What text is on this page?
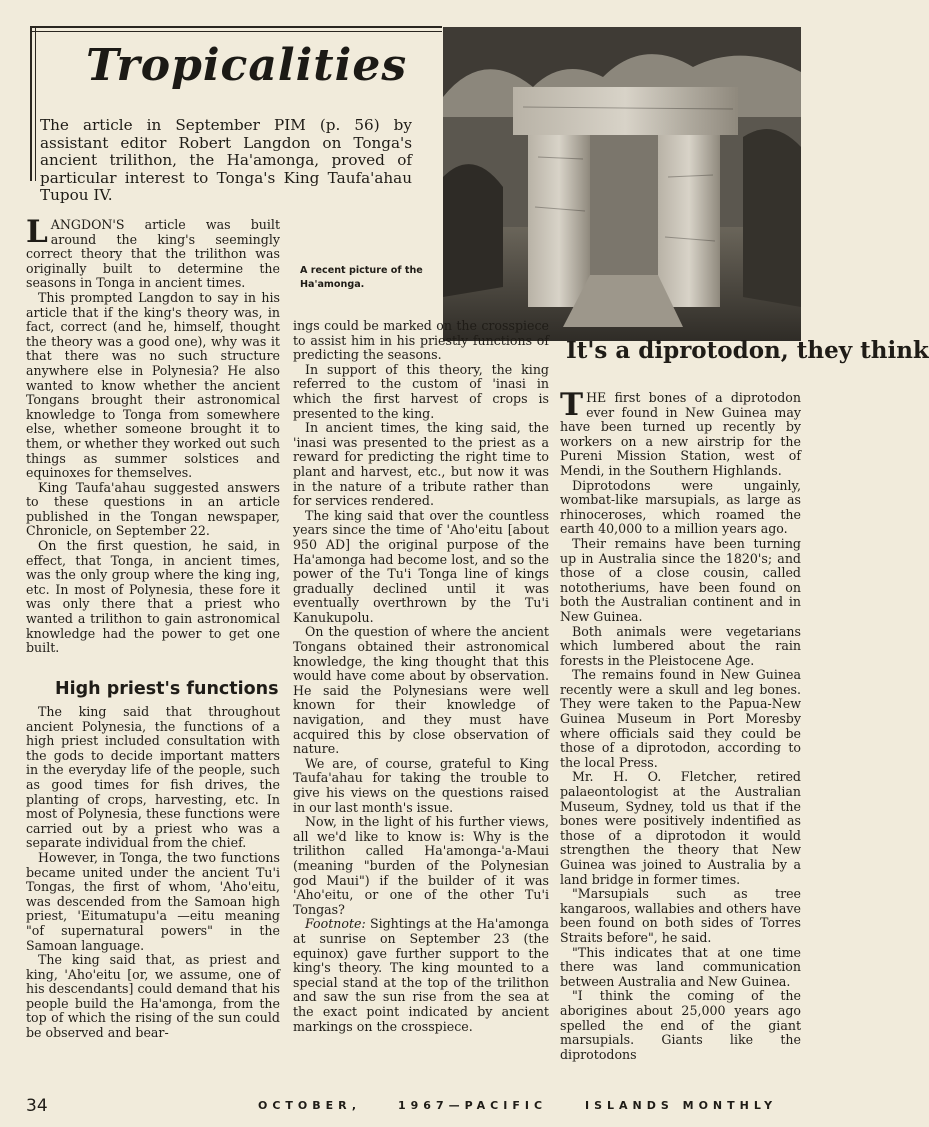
Tropicalities
The article in September PIM (p. 56) by assistant editor Robert Langdon on Tonga's ancient trilithon, the Ha'amonga, proved of particular interest to Tonga's King Taufa'ahau Tupou IV.
A recent picture of the Ha'amonga.

LANGDON'S article was built around the king's seemingly correct theory that the trilithon was originally built to determine the seasons in Tonga in ancient times.

This prompted Langdon to say in his article that if the king's theory was, in fact, correct (and he, himself, thought the theory was a good one), why was it that there was no such structure anywhere else in Polynesia? He also wanted to know whether the ancient Tongans brought their astronomical knowledge to Tonga from somewhere else, whether someone brought it to them, or whether they worked out such things as summer solstices and equinoxes for themselves.

King Taufa'ahau suggested answers to these questions in an article published in the Tongan newspaper, Chronicle, on September 22.

On the first question, he said, in effect, that Tonga, in ancient times, was the only group where the king ing, etc. In most of Polynesia, these fore it was only there that a priest who wanted a trilithon to gain astronomical knowledge had the power to get one built.

High priest's functions

The king said that throughout ancient Polynesia, the functions of a high priest included consultation with the gods to decide important matters in the everyday life of the people, such as good times for fish drives, the planting of crops, harvesting, etc. In most of Polynesia, these functions were carried out by a priest who was a separate individual from the chief.

However, in Tonga, the two functions became united under the ancient Tu'i Tongas, the first of whom, 'Aho'eitu, was descended from the Samoan high priest, 'Eitumatupu'a —eitu meaning "of supernatural powers" in the Samoan language.

The king said that, as priest and king, 'Aho'eitu [or, we assume, one of his descendants] could demand that his people build the Ha'amonga, from the top of which the rising of the sun could be observed and bear-

ings could be marked on the crosspiece to assist him in his priestly functions of predicting the seasons.

In support of this theory, the king referred to the custom of 'inasi in which the first harvest of crops is presented to the king.

In ancient times, the king said, the 'inasi was presented to the priest as a reward for predicting the right time to plant and harvest, etc., but now it was in the nature of a tribute rather than for services rendered.

The king said that over the countless years since the time of 'Aho'eitu [about 950 AD] the original purpose of the Ha'amonga had become lost, and so the power of the Tu'i Tonga line of kings gradually declined until it was eventually overthrown by the Tu'i Kanukupolu.

On the question of where the ancient Tongans obtained their astronomical knowledge, the king thought that this would have come about by observation. He said the Polynesians were well known for their knowledge of navigation, and they must have acquired this by close observation of nature.

We are, of course, grateful to King Taufa'ahau for taking the trouble to give his views on the questions raised in our last month's issue.

Now, in the light of his further views, all we'd like to know is: Why is the trilithon called Ha'amonga-'a-Maui (meaning "burden of the Polynesian god Maui") if the builder of it was 'Aho'eitu, or one of the other Tu'i Tongas?

Footnote: Sightings at the Ha'amonga at sunrise on September 23 (the equinox) gave further support to the king's theory. The king mounted to a special stand at the top of the trilithon and saw the sun rise from the sea at the exact point indicated by ancient markings on the crosspiece.

It's a diprotodon, they think

THE first bones of a diprotodon ever found in New Guinea may have been turned up recently by workers on a new airstrip for the Pureni Mission Station, west of Mendi, in the Southern Highlands.

Diprotodons were ungainly, wombat-like marsupials, as large as rhinoceroses, which roamed the earth 40,000 to a million years ago.

Their remains have been turning up in Australia since the 1820's; and those of a close cousin, called nototheriums, have been found on both the Australian continent and in New Guinea.

Both animals were vegetarians which lumbered about the rain forests in the Pleistocene Age.

The remains found in New Guinea recently were a skull and leg bones. They were taken to the Papua-New Guinea Museum in Port Moresby where officials said they could be those of a diprotodon, according to the local Press.

Mr. H. O. Fletcher, retired palaeontologist at the Australian Museum, Sydney, told us that if the bones were positively indentified as those of a diprotodon it would strengthen the theory that New Guinea was joined to Australia by a land bridge in former times.

"Marsupials such as tree kangaroos, wallabies and others have been found on both sides of Torres Straits before", he said.

"This indicates that at one time there was land communication between Australia and New Guinea.

"I think the coming of the aborigines about 25,000 years ago spelled the end of the giant marsupials. Giants like the diprotodons

34	OCTOBER,	1967—PACIFIC	ISLANDS MONTHLY
